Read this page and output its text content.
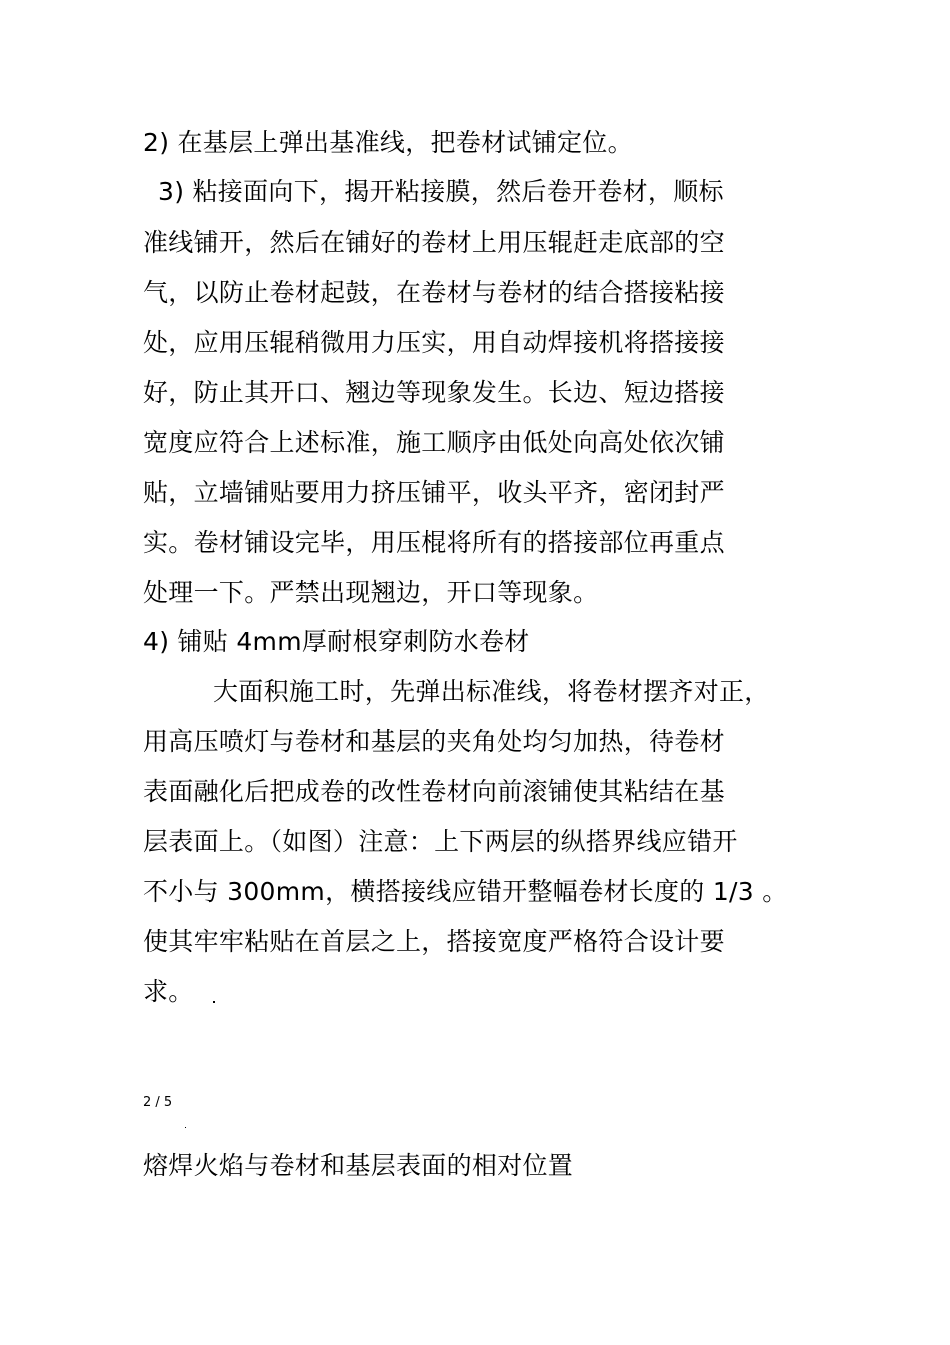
2) 在基层上弹出基准线，把卷材试铺定位。
3) 粘接面向下，揭开粘接膜，然后卷开卷材，顺标
准线铺开，然后在铺好的卷材上用压辊赶走底部的空
气，以防止卷材起鼓，在卷材与卷材的结合搭接粘接
处，应用压辊稍微用力压实，用自动焊接机将搭接接
好，防止其开口、翘边等现象发生。长边、短边搭接
宽度应符合上述标准，施工顺序由低处向高处依次铺
贴，立墙铺贴要用力挤压铺平，收头平齐，密闭封严
实。卷材铺设完毕，用压棍将所有的搭接部位再重点
处理一下。严禁出现翘边，开口等现象。
4) 铺贴 4mm厚耐根穿刺防水卷材
大面积施工时，先弹出标准线，将卷材摆齐对正，
用高压喷灯与卷材和基层的夹角处均匀加热，待卷材
表面融化后把成卷的改性卷材向前滚铺使其粘结在基
层表面上。（如图）注意：上下两层的纵搭界线应错开
不小与 300mm，横搭接线应错开整幅卷材长度的 1/3 。
使其牢牢粘贴在首层之上，搭接宽度严格符合设计要
求。
2 / 5
熔焊火焰与卷材和基层表面的相对位置
